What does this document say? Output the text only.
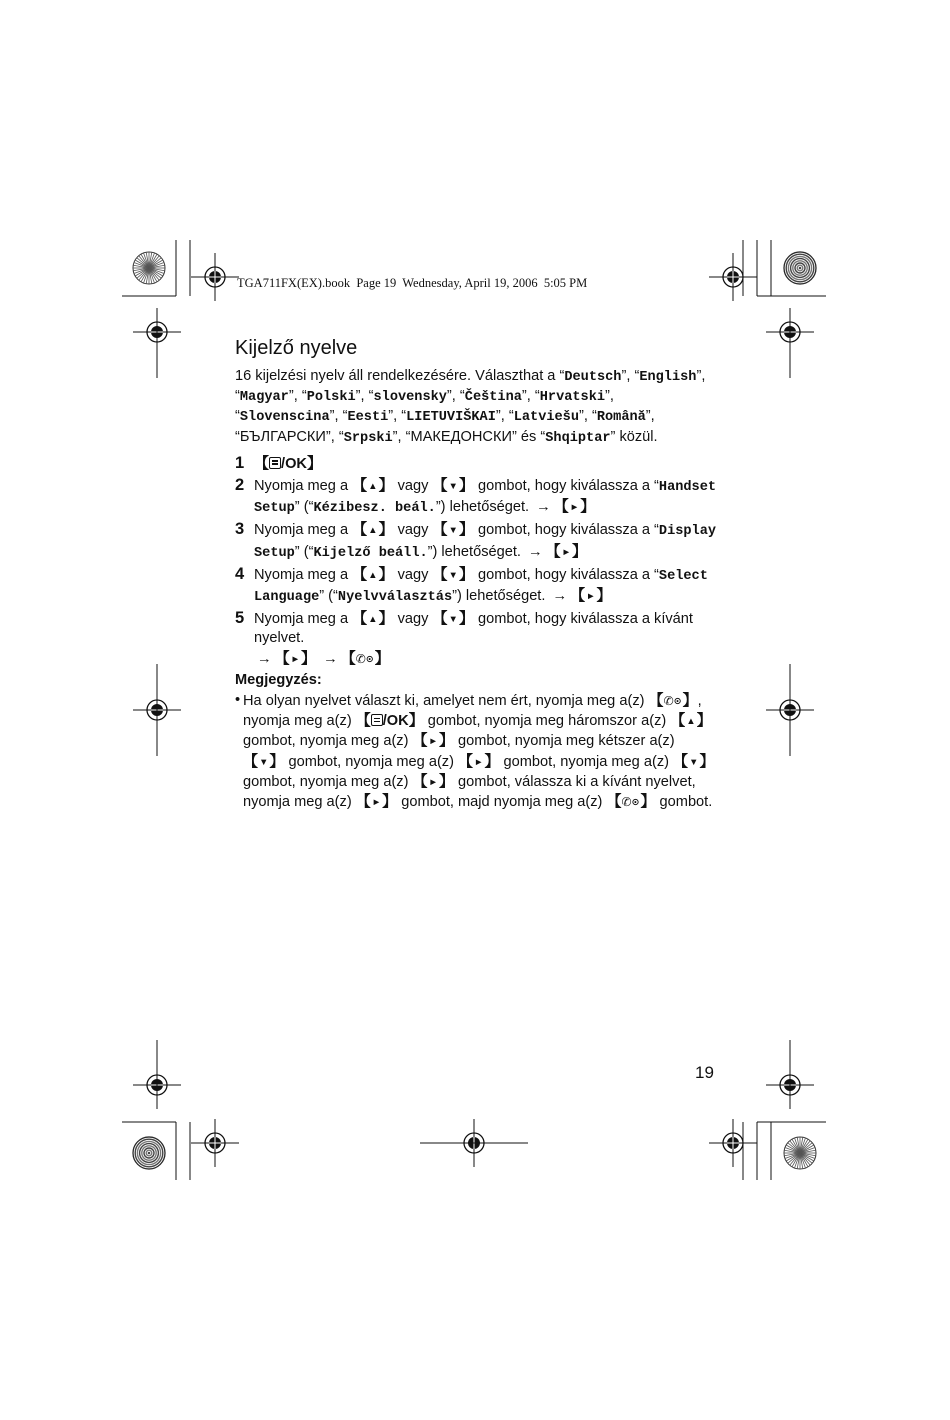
TGA711FX(EX).book  Page 19  Wednesday, April 19, 2006  5:05 PM
Kijelző nyelve

16 kijelzési nyelv áll rendelkezésére. Választhat a “Deutsch”, “English”, “Magyar”, “Polski”, “slovensky”, “Čeština”, “Hrvatski”, “Slovenscina”, “Eesti”, “LIETUVIŠKAI”, “Latviešu”, “Română”, “БЪЛГАРСКИ”, “Srpski”, “МАКЕДОНСКИ” és “Shqiptar” közül.

1 【 /OK】
2 Nyomja meg a 【▲】 vagy 【▼】 gombot, hogy kiválassza a “Handset Setup” (“Kézibesz. beál.”) lehetőséget. → 【►】
3 Nyomja meg a 【▲】 vagy 【▼】 gombot, hogy kiválassza a “Display Setup” (“Kijelző beáll.”) lehetőséget. → 【►】
4 Nyomja meg a 【▲】 vagy 【▼】 gombot, hogy kiválassza a “Select Language” (“Nyelvválasztás”) lehetőséget. → 【►】
5 Nyomja meg a 【▲】 vagy 【▼】 gombot, hogy kiválassza a kívánt nyelvet.
→ 【►】 → 【✆⊙】
Megjegyzés:

• Ha olyan nyelvet választ ki, amelyet nem ért, nyomja meg a(z) 【✆⊙】, nyomja meg a(z) 【 /OK】 gombot, nyomja meg háromszor a(z) 【▲】 gombot, nyomja meg a(z) 【►】 gombot, nyomja meg kétszer a(z) 【▼】 gombot, nyomja meg a(z) 【►】 gombot, nyomja meg a(z) 【▼】 gombot, nyomja meg a(z) 【►】 gombot, válassza ki a kívánt nyelvet, nyomja meg a(z) 【►】 gombot, majd nyomja meg a(z) 【✆⊙】 gombot.

19
